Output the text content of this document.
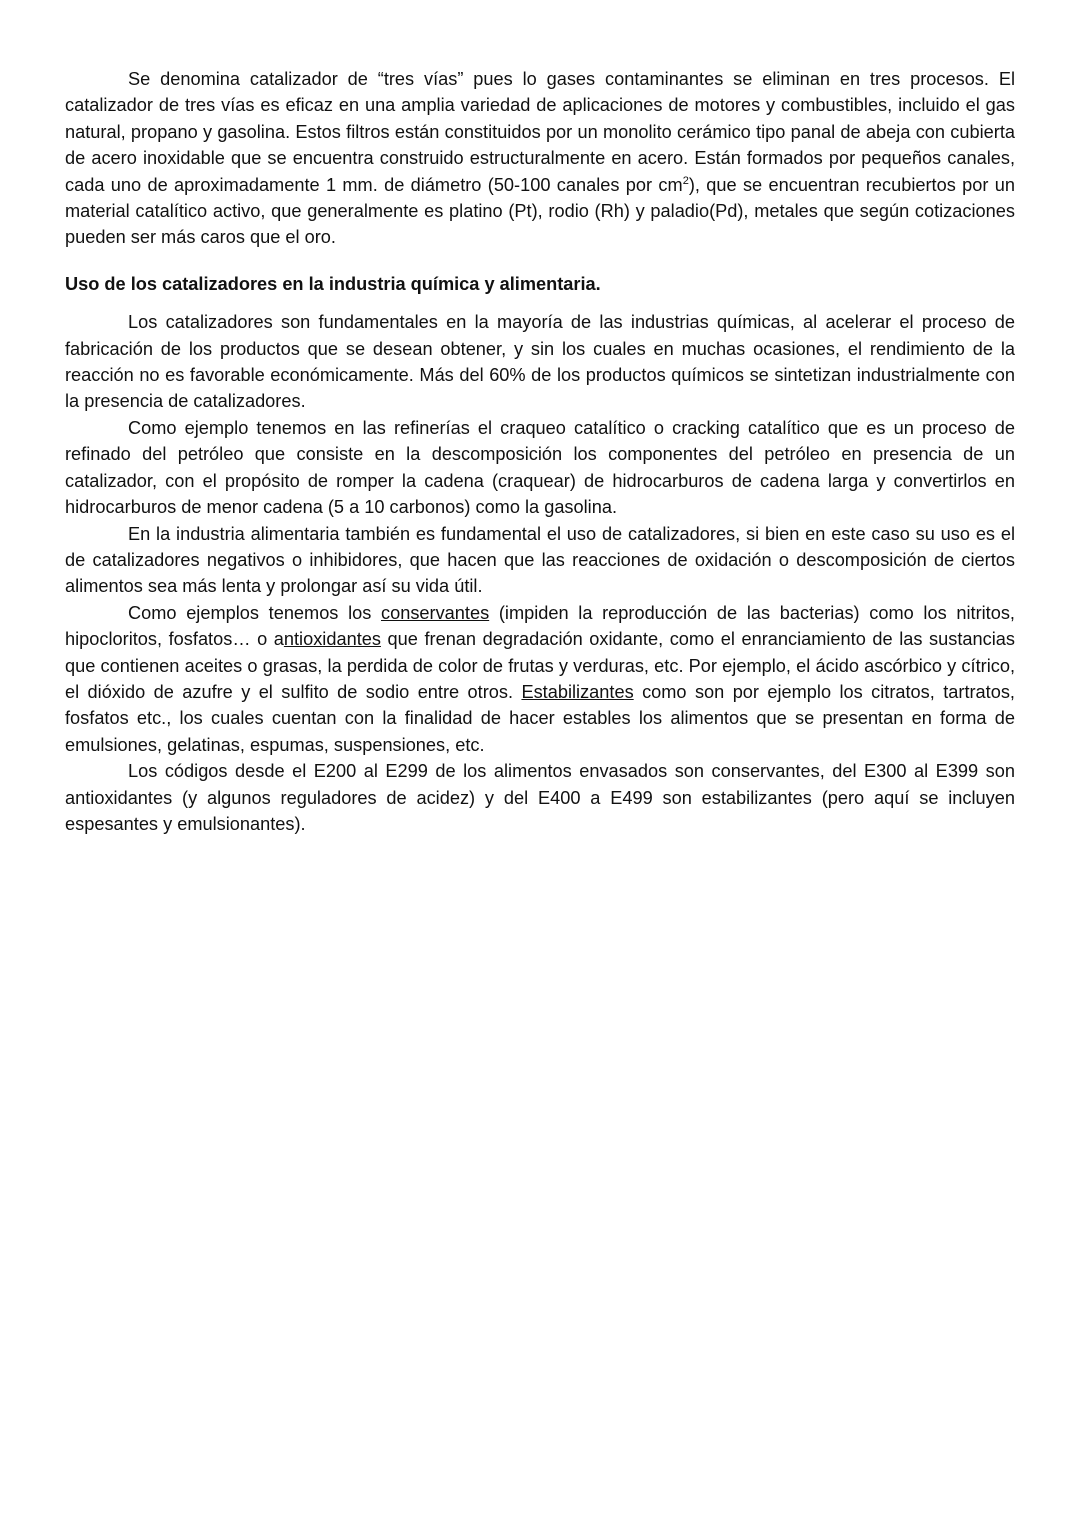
Se denomina catalizador de “tres vías” pues lo gases contaminantes se eliminan en tres procesos. El catalizador de tres vías es eficaz en una amplia variedad de aplicaciones de motores y combustibles, incluido el gas natural, propano y gasolina. Estos filtros están constituidos por un monolito cerámico tipo panal de abeja con cubierta de acero inoxidable que se encuentra construido estructuralmente en acero. Están formados por pequeños canales, cada uno de aproximadamente 1 mm. de diámetro (50-100 canales por $cm^2$), que se encuentran recubiertos por un material catalítico activo, que generalmente es platino (Pt), rodio (Rh) y paladio(Pd), metales que según cotizaciones pueden ser más caros que el oro.

Uso de los catalizadores en la industria química y alimentaria.

Los catalizadores son fundamentales en la mayoría de las industrias químicas, al acelerar el proceso de fabricación de los productos que se desean obtener, y sin los cuales en muchas ocasiones, el rendimiento de la reacción no es favorable económicamente. Más del 60% de los productos químicos se sintetizan industrialmente con la presencia de catalizadores.

Como ejemplo tenemos en las refinerías el craqueo catalítico o cracking catalítico que es un proceso de refinado del petróleo que consiste en la descomposición los componentes del petróleo en presencia de un catalizador, con el propósito de romper la cadena (craquear) de hidrocarburos de cadena larga y convertirlos en hidrocarburos de menor cadena (5 a 10 carbonos) como la gasolina.

En la industria alimentaria también es fundamental el uso de catalizadores, si bien en este caso su uso es el de catalizadores negativos o inhibidores, que hacen que las reacciones de oxidación o descomposición de ciertos alimentos sea más lenta y prolongar así su vida útil.

Como ejemplos tenemos los conservantes (impiden la reproducción de las bacterias) como los nitritos, hipocloritos, fosfatos… o antioxidantes que frenan degradación oxidante, como el enranciamiento de las sustancias que contienen aceites o grasas, la perdida de color de frutas y verduras, etc. Por ejemplo, el ácido ascórbico y cítrico, el dióxido de azufre y el sulfito de sodio entre otros. Estabilizantes como son por ejemplo los citratos, tartratos, fosfatos etc., los cuales cuentan con la finalidad de hacer estables los alimentos que se presentan en forma de emulsiones, gelatinas, espumas, suspensiones, etc.

Los códigos desde el E200 al E299 de los alimentos envasados son conservantes, del E300 al E399 son antioxidantes (y algunos reguladores de acidez) y del E400 a E499 son estabilizantes (pero aquí se incluyen espesantes y emulsionantes).
